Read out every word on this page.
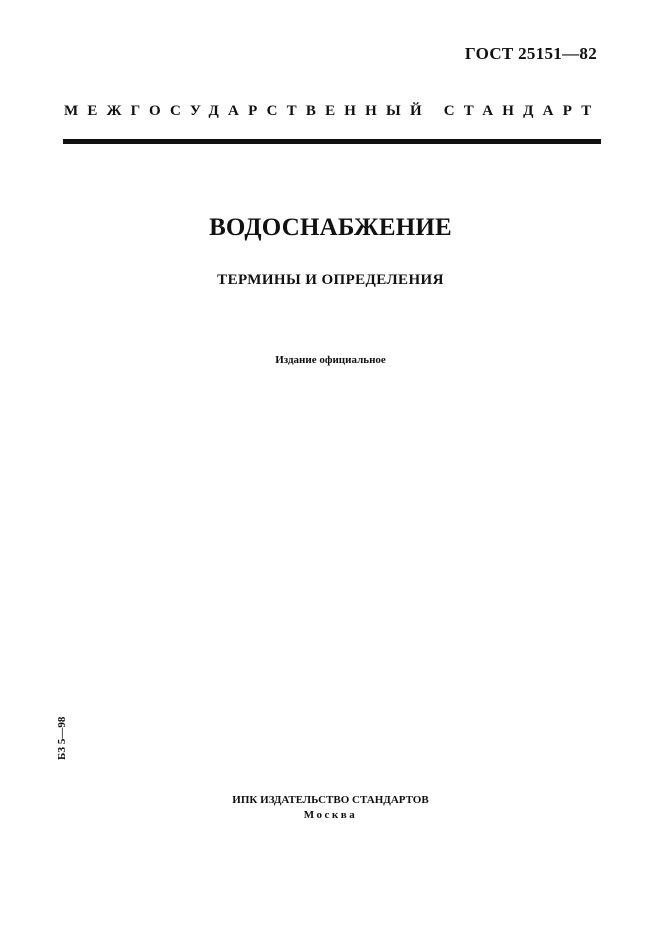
ГОСТ 25151—82
МЕЖГОСУДАРСТВЕННЫЙ СТАНДАРТ
ВОДОСНАБЖЕНИЕ
ТЕРМИНЫ И ОПРЕДЕЛЕНИЯ
Издание официальное
БЗ 5—98
ИПК ИЗДАТЕЛЬСТВО СТАНДАРТОВ
Москва
